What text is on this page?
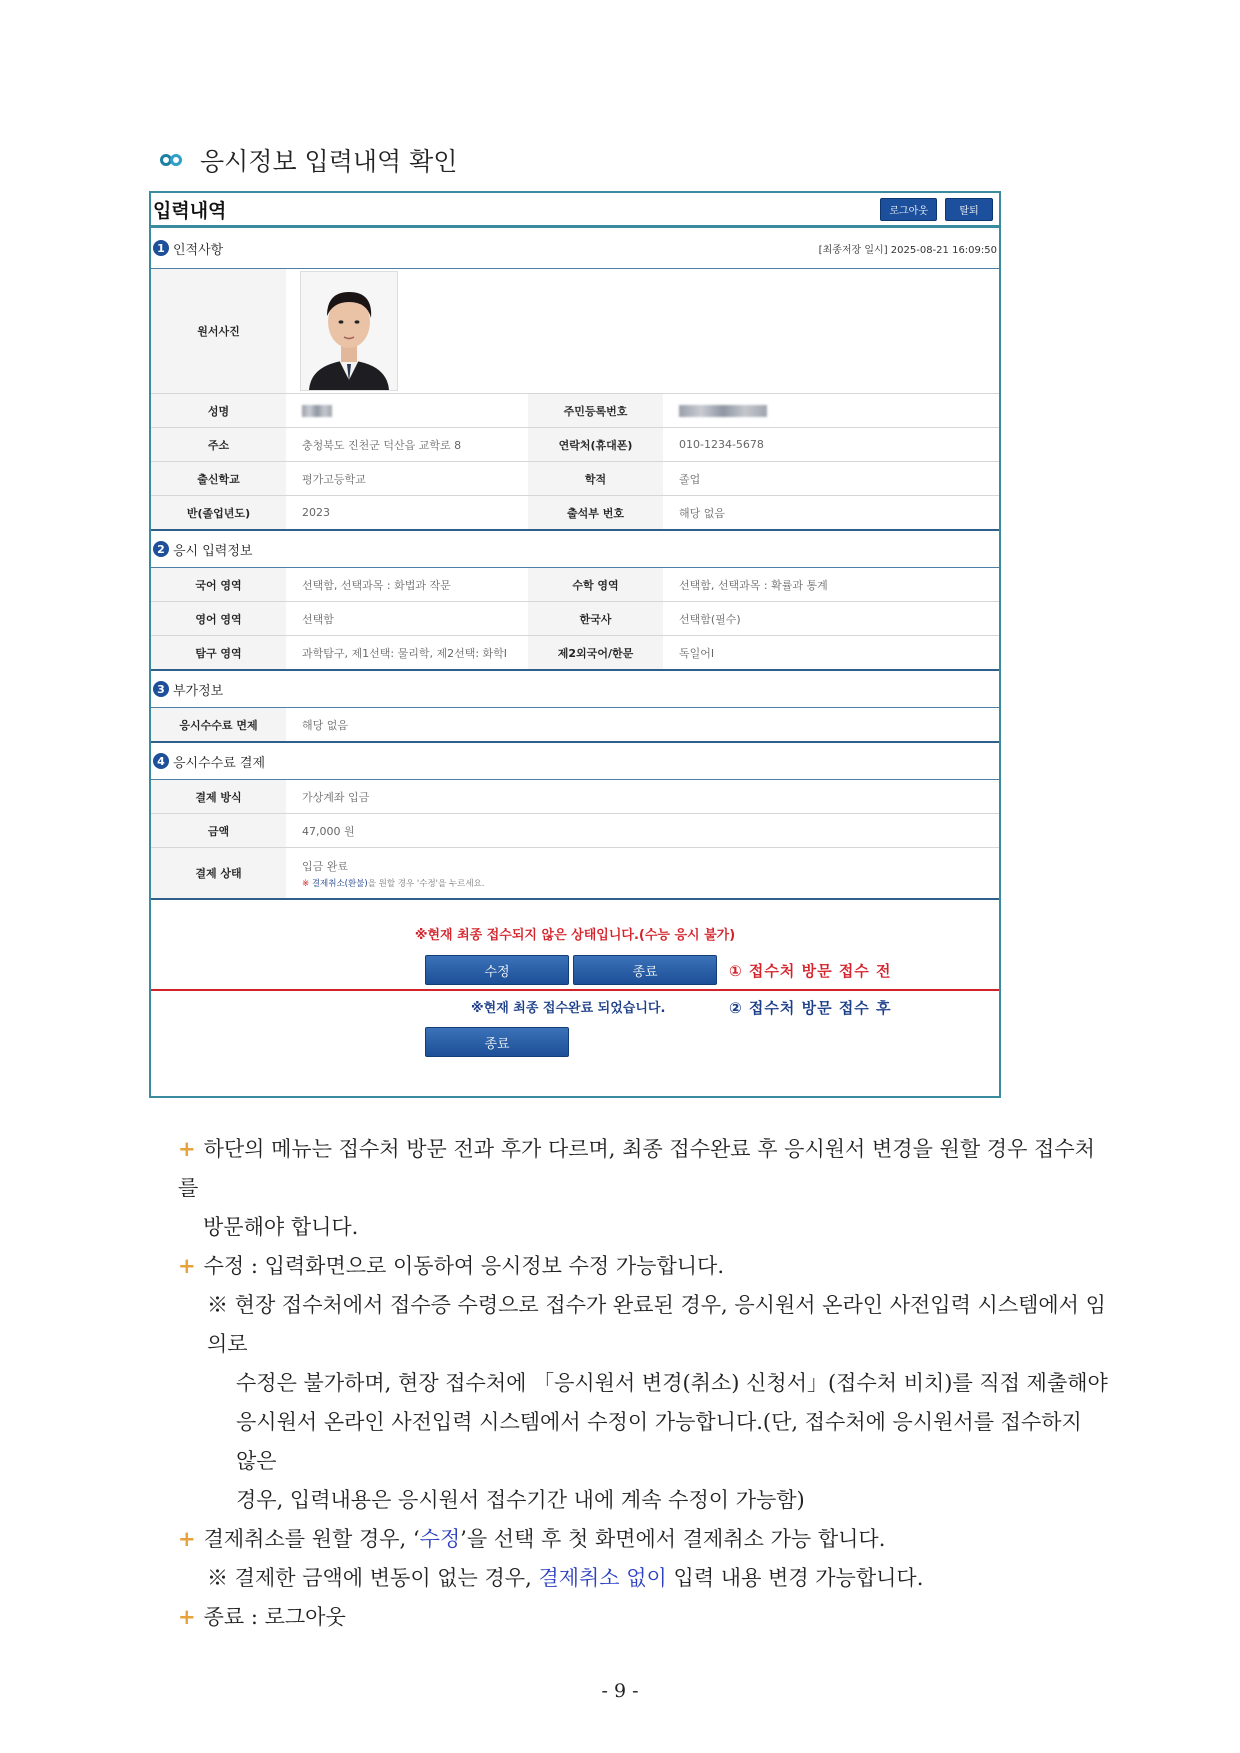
응시정보 입력내역 확인
입력내역	로그아웃	탈퇴
1 인적사항	[최종저장 일시] 2025-08-21 16:09:50
원서사진	

성명		주민등록번호	
주소	충청북도 진천군 덕산읍 교학로 8	연락처(휴대폰)	010-1234-5678
출신학교	평가고등학교	학적	졸업
반(졸업년도)	2023	출석부 번호	해당 없음
2 응시 입력정보
국어 영역	선택함, 선택과목 : 화법과 작문	수학 영역	선택함, 선택과목 : 확률과 통계
영어 영역	선택함	한국사	선택함(필수)
탐구 영역	과학탐구, 제1선택: 물리학, 제2선택: 화학I	제2외국어/한문	독일어I
3 부가정보
응시수수료 면제	해당 없음
4 응시수수료 결제
결제 방식	가상계좌 입금
금액	47,000 원
결제 상태	입금 완료
※ 결제취소(환불)을 원할 경우 '수정'을 누르세요.
※현재 최종 접수되지 않은 상태입니다.(수능 응시 불가)
수정	종료	① 접수처 방문 접수 전
※현재 최종 접수완료 되었습니다.	② 접수처 방문 접수 후
종료
+ 하단의 메뉴는 접수처 방문 전과 후가 다르며, 최종 접수완료 후 응시원서 변경을 원할 경우 접수처를
방문해야 합니다.
+ 수정 : 입력화면으로 이동하여 응시정보 수정 가능합니다.
※ 현장 접수처에서 접수증 수령으로 접수가 완료된 경우, 응시원서 온라인 사전입력 시스템에서 임의로
수정은 불가하며, 현장 접수처에 「응시원서 변경(취소) 신청서」(접수처 비치)를 직접 제출해야
응시원서 온라인 사전입력 시스템에서 수정이 가능합니다.(단, 접수처에 응시원서를 접수하지 않은
경우, 입력내용은 응시원서 접수기간 내에 계속 수정이 가능함)
+ 결제취소를 원할 경우, ‘수정’을 선택 후 첫 화면에서 결제취소 가능 합니다.
※ 결제한 금액에 변동이 없는 경우, 결제취소 없이 입력 내용 변경 가능합니다.
+ 종료 : 로그아웃
- 9 -
